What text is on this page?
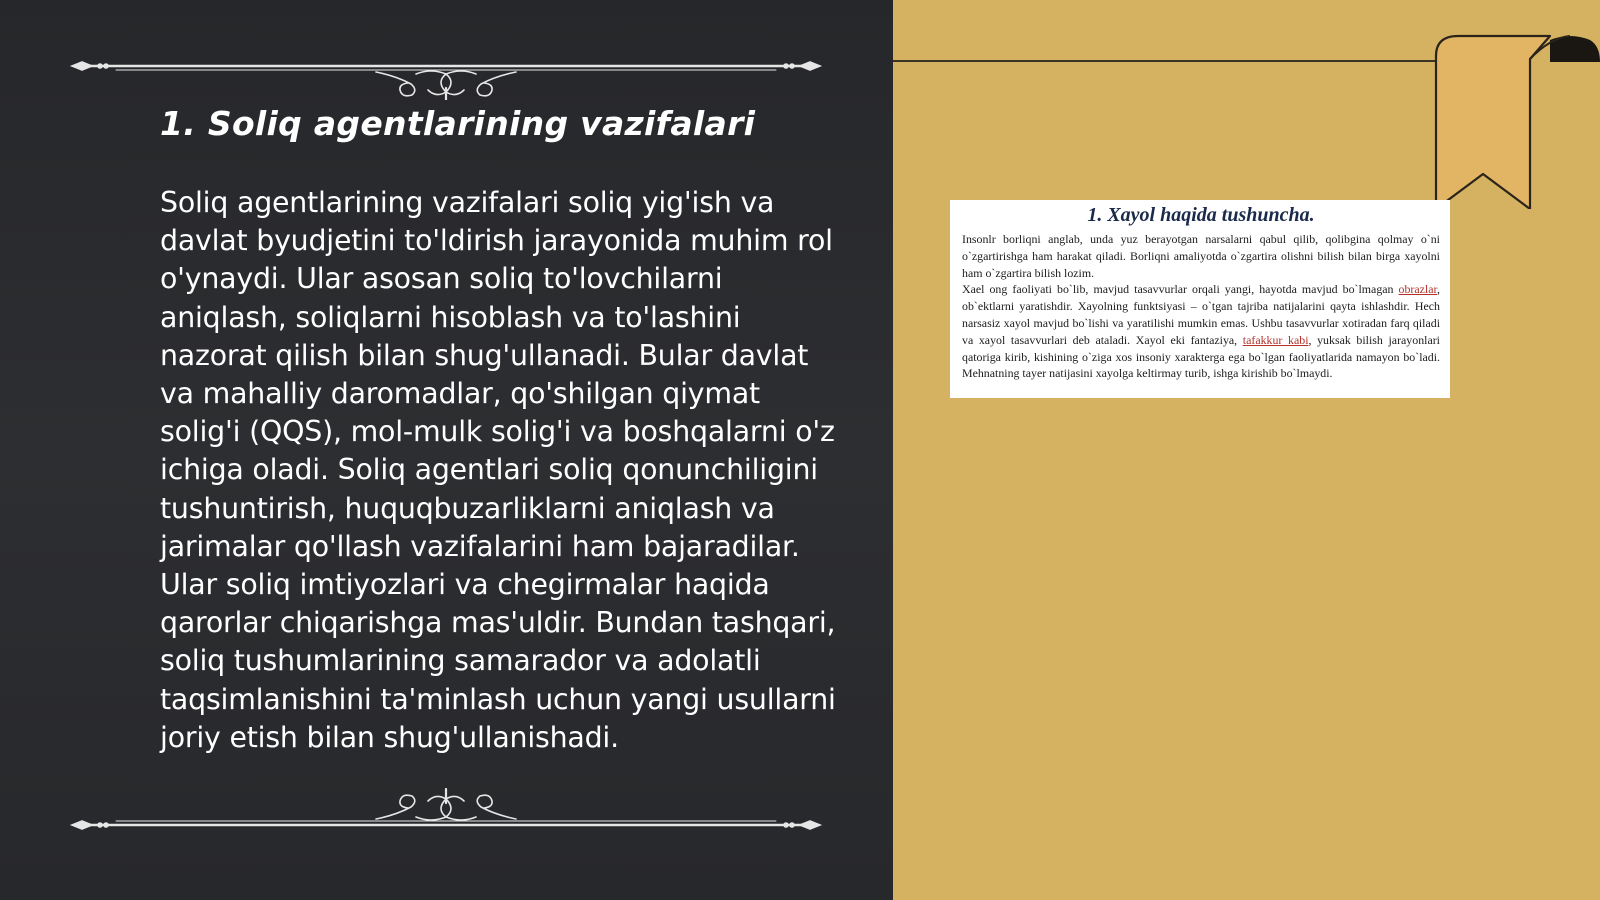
1. Soliq agentlarining vazifalari
Soliq agentlarining vazifalari soliq yig'ish va davlat byudjetini to'ldirish jarayonida muhim rol o'ynaydi. Ular asosan soliq to'lovchilarni aniqlash, soliqlarni hisoblash va to'lashini nazorat qilish bilan shug'ullanadi. Bular davlat va mahalliy daromadlar, qo'shilgan qiymat solig'i (QQS), mol-mulk solig'i va boshqalarni o'z ichiga oladi. Soliq agentlari soliq qonunchiligini tushuntirish, huquqbuzarliklarni aniqlash va jarimalar qo'llash vazifalarini ham bajaradilar. Ular soliq imtiyozlari va chegirmalar haqida qarorlar chiqarishga mas'uldir. Bundan tashqari, soliq tushumlarining samarador va adolatli taqsimlanishini ta'minlash uchun yangi usullarni joriy etish bilan shug'ullanishadi.
1. Xayol haqida tushuncha.

Insonlr borliqni anglab, unda yuz berayotgan narsalarni qabul qilib, qolibgina qolmay o`ni o`zgartirishga ham harakat qiladi. Borliqni amaliyotda o`zgartira olishni bilish bilan birga xayolni ham o`zgartira bilish lozim.

Xael ong faoliyati bo`lib, mavjud tasavvurlar orqali yangi, hayotda mavjud bo`lmagan obrazlar, ob`ektlarni yaratishdir. Xayolning funktsiyasi – o`tgan tajriba natijalarini qayta ishlashdir. Hech narsasiz xayol mavjud bo`lishi va yaratilishi mumkin emas. Ushbu tasavvurlar xotiradan farq qiladi va xayol tasavvurlari deb ataladi. Xayol eki fantaziya, tafakkur kabi, yuksak bilish jarayonlari qatoriga kirib, kishining o`ziga xos insoniy xarakterga ega bo`lgan faoliyatlarida namayon bo`ladi. Mehnatning tayer natijasini xayolga keltirmay turib, ishga kirishib bo`lmaydi.
